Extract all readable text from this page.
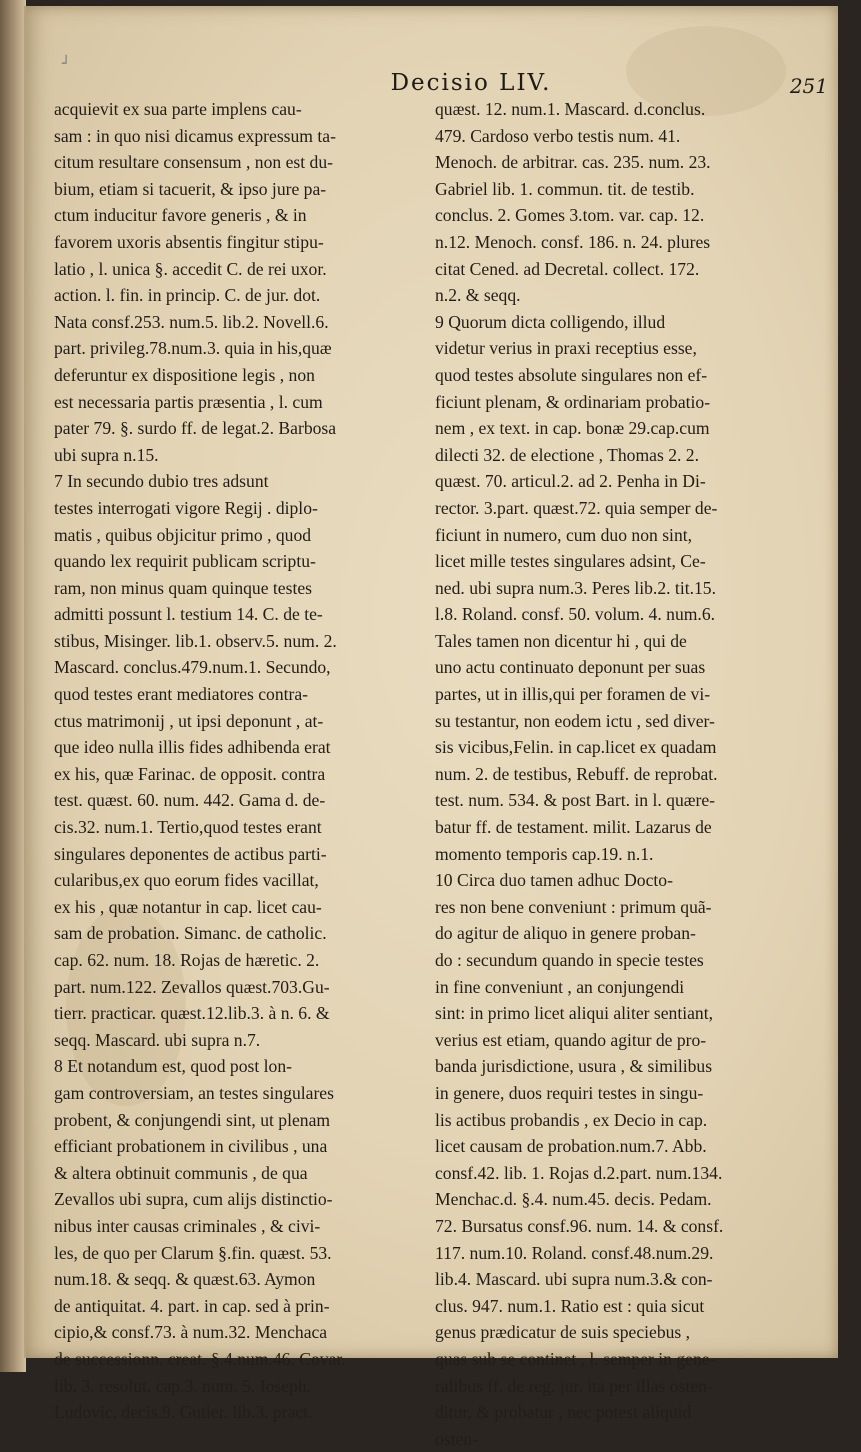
┘
Decisio LIV.	251
acquievit ex sua parte implens cau-
sam : in quo nisi dicamus expressum ta-
citum resultare consensum , non est du-
bium, etiam si tacuerit, & ipso jure pa-
ctum inducitur favore generis , & in
favorem uxoris absentis fingitur stipu-
latio , l. unica §. accedit C. de rei uxor.
action. l. fin. in princip. C. de jur. dot.
Nata consf.253. num.5. lib.2. Novell.6.
part. privileg.78.num.3. quia in his,quæ
deferuntur ex dispositione legis , non
est necessaria partis præsentia , l. cum
pater 79. §. surdo ff. de legat.2. Barbosa
ubi supra n.15.
7 In secundo dubio tres adsunt
testes interrogati vigore Regij . diplo-
matis , quibus objicitur primo , quod
quando lex requirit publicam scriptu-
ram, non minus quam quinque testes
admitti possunt l. testium 14. C. de te-
stibus, Misinger. lib.1. observ.5. num. 2.
Mascard. conclus.479.num.1. Secundo,
quod testes erant mediatores contra-
ctus matrimonij , ut ipsi deponunt , at-
que ideo nulla illis fides adhibenda erat
ex his, quæ Farinac. de opposit. contra
test. quæst. 60. num. 442. Gama d. de-
cis.32. num.1. Tertio,quod testes erant
singulares deponentes de actibus parti-
cularibus,ex quo eorum fides vacillat,
ex his , quæ notantur in cap. licet cau-
sam de probation. Simanc. de catholic.
cap. 62. num. 18. Rojas de hæretic. 2.
part. num.122. Zevallos quæst.703.Gu-
tierr. practicar. quæst.12.lib.3. à n. 6. &
seqq. Mascard. ubi supra n.7.
8 Et notandum est, quod post lon-
gam controversiam, an testes singulares
probent, & conjungendi sint, ut plenam
efficiant probationem in civilibus , una
& altera obtinuit communis , de qua
Zevallos ubi supra, cum alijs distinctio-
nibus inter causas criminales , & civi-
les, de quo per Clarum §.fin. quæst. 53.
num.18. & seqq. & quæst.63. Aymon
de antiquitat. 4. part. in cap. sed à prin-
cipio,& consf.73. à num.32. Menchaca
de successionn. creat. §.4.num.46. Covar.
lib. 3. resolut. cap.3. num. 5. Ioseph.
Ludovic. decis.9. Gutier. lib.3. pract.
quæst. 12. num.1. Mascard. d.conclus.
479. Cardoso verbo testis num. 41.
Menoch. de arbitrar. cas. 235. num. 23.
Gabriel lib. 1. commun. tit. de testib.
conclus. 2. Gomes 3.tom. var. cap. 12.
n.12. Menoch. consf. 186. n. 24. plures
citat Cened. ad Decretal. collect. 172.
n.2. & seqq.
9 Quorum dicta colligendo, illud
videtur verius in praxi receptius esse,
quod testes absolute singulares non ef-
ficiunt plenam, & ordinariam probatio-
nem , ex text. in cap. bonæ 29.cap.cum
dilecti 32. de electione , Thomas 2. 2.
quæst. 70. articul.2. ad 2. Penha in Di-
rector. 3.part. quæst.72. quia semper de-
ficiunt in numero, cum duo non sint,
licet mille testes singulares adsint, Ce-
ned. ubi supra num.3. Peres lib.2. tit.15.
l.8. Roland. consf. 50. volum. 4. num.6.
Tales tamen non dicentur hi , qui de
uno actu continuato deponunt per suas
partes, ut in illis,qui per foramen de vi-
su testantur, non eodem ictu , sed diver-
sis vicibus,Felin. in cap.licet ex quadam
num. 2. de testibus, Rebuff. de reprobat.
test. num. 534. & post Bart. in l. quære-
batur ff. de testament. milit. Lazarus de
momento temporis cap.19. n.1.
10 Circa duo tamen adhuc Docto-
res non bene conveniunt : primum quã-
do agitur de aliquo in genere proban-
do : secundum quando in specie testes
in fine conveniunt , an conjungendi
sint: in primo licet aliqui aliter sentiant,
verius est etiam, quando agitur de pro-
banda jurisdictione, usura , & similibus
in genere, duos requiri testes in singu-
lis actibus probandis , ex Decio in cap.
licet causam de probation.num.7. Abb.
consf.42. lib. 1. Rojas d.2.part. num.134.
Menchac.d. §.4. num.45. decis. Pedam.
72. Bursatus consf.96. num. 14. & consf.
117. num.10. Roland. consf.48.num.29.
lib.4. Mascard. ubi supra num.3.& con-
clus. 947. num.1. Ratio est : quia sicut
genus prædicatur de suis speciebus ,
quas sub se continet , l. semper in gene-
ralibus ff. de reg. jur. ita per illas osten-
ditur, & probatur , nec potest aliquid
osten-
